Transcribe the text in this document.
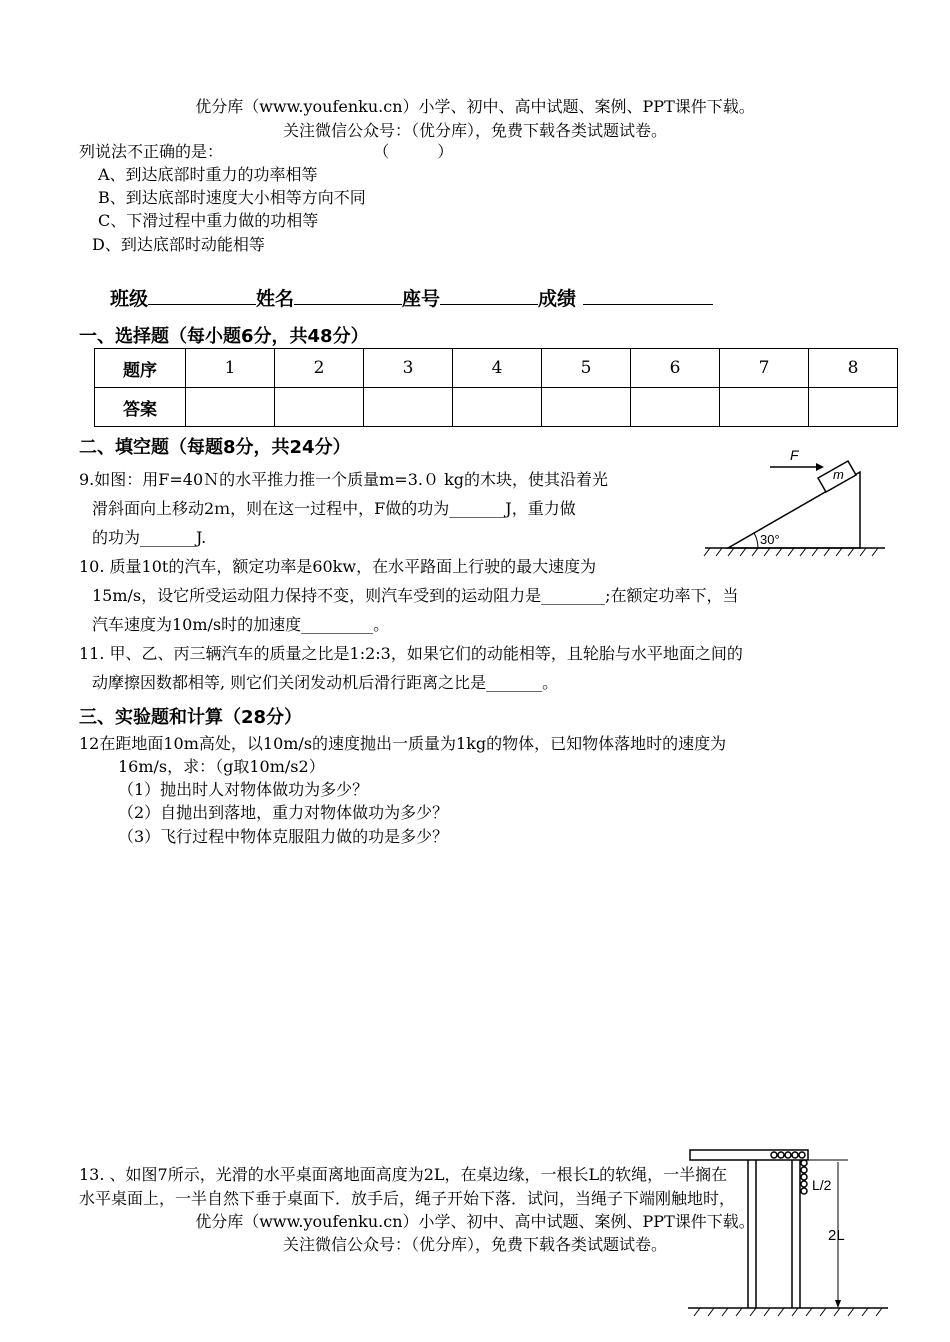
优分库（www.youfenku.cn）小学、初中、高中试题、案例、PPT课件下载。
关注微信公众号：（优分库），免费下载各类试题试卷。
列说法不正确的是：	（　　　）
A、到达底部时重力的功率相等
B、到达底部时速度大小相等方向不同
C、下滑过程中重力做的功相等
D、到达底部时动能相等
班级	姓名	座号	成绩
一、选择题（每小题6分，共48分）
题序	1	2	3	4	5	6	7	8
答案								
二、填空题（每题8分，共24分）
9.如图：用F=40Ｎ的水平推力推一个质量m=3.０ kg的木块，使其沿着光
滑斜面向上移动2ｍ，则在这一过程中，F做的功为_______J，重力做
的功为_______J.	30°
m
F
10. 质量10t的汽车，额定功率是60kw，在水平路面上行驶的最大速度为
15m/s，设它所受运动阻力保持不变，则汽车受到的运动阻力是________;在额定功率下，当
汽车速度为10m/s时的加速度_________。
11. 甲、乙、丙三辆汽车的质量之比是1:2:3，如果它们的动能相等，且轮胎与水平地面之间的
动摩擦因数都相等, 则它们关闭发动机后滑行距离之比是_______。
三、实验题和计算（28分）
12在距地面10m高处，以10m/s的速度抛出一质量为1kg的物体，已知物体落地时的速度为
16m/s，求：（g取10m/s2）
（1）抛出时人对物体做功为多少？
（2）自抛出到落地，重力对物体做功为多少？
（3）飞行过程中物体克服阻力做的功是多少？
L/2
2L
13. 、如图7所示，光滑的水平桌面离地面高度为2L，在桌边缘，一根长L的软绳，一半搁在
水平桌面上，一半自然下垂于桌面下．放手后，绳子开始下落．试问，当绳子下端刚触地时，
优分库（www.youfenku.cn）小学、初中、高中试题、案例、PPT课件下载。
关注微信公众号：（优分库），免费下载各类试题试卷。
